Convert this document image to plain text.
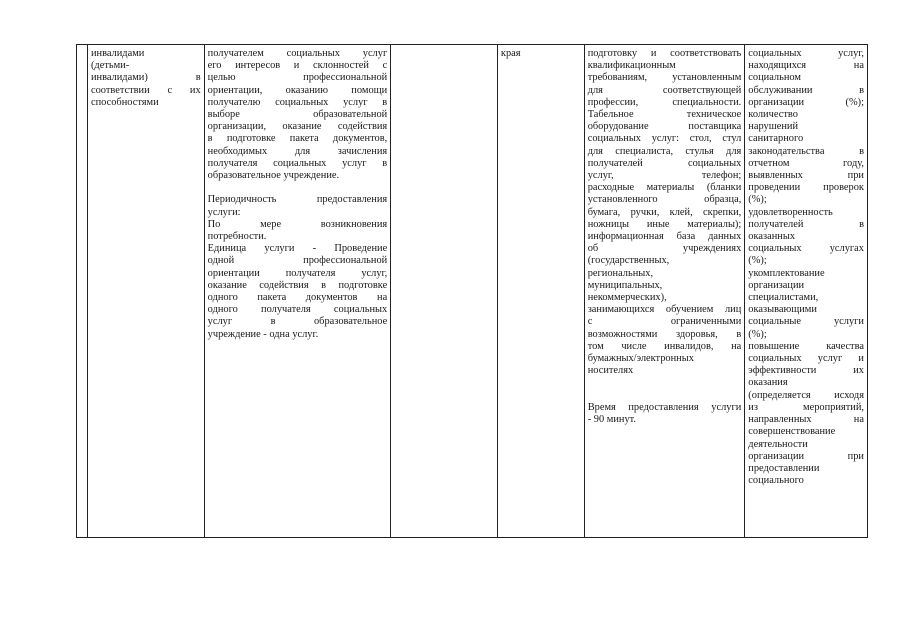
инвалидами
(детьми-
инвалидами)         в
соответствии с их
способностями
получателем социальных услуг
его интересов и склонностей с
целью        профессиональной
ориентации,  оказанию  помощи
получателю социальных услуг в
выборе          образовательной
организации, оказание содействия
в подготовке пакета документов,
необходимых  для  зачисления
получателя социальных услуг в
образовательное учреждение.
Периодичность  предоставления
услуги:
По    мере    возникновения
потребности.
Единица услуги - Проведение
одной        профессиональной
ориентации получателя услуг,
оказание содействия в подготовке
одного пакета документов на
одного получателя социальных
услуг    в    образовательное
учреждение - одна услуг.
края	подготовку и соответствовать
квалификационным
требованиям,  установленным
для         соответствующей
профессии, специальности.
Табельное         техническое
оборудование    поставщика
социальных услуг: стол, стул
для специалиста, стулья для
получателей        социальных
услуг, телефон;
расходные материалы (бланки
установленного       образца,
бумага, ручки, клей, скрепки,
ножницы иные материалы);
информационная база данных
об              учреждениях
(государственных,
региональных,
муниципальных,
некоммерческих),
занимающихся обучением лиц
с          ограниченными
возможностями здоровья, в
том  числе  инвалидов,  на
бумажных/электронных
носителях
Время предоставления услуги
- 90 минут.
социальных       услуг,
находящихся         на
социальном
обслуживании          в
организации (%);
количество
нарушений
санитарного
законодательства      в
отчетном          году,
выявленных         при
проведении проверок
(%);
удовлетворенность
получателей          в
оказанных
социальных  услугах
(%);
укомплектование
организации
специалистами,
оказывающими
социальные    услуги
(%);
повышение качества
социальных услуг и
эффективности      их
оказания
(определяется исходя
из        мероприятий,
направленных        на
совершенствование
деятельности
организации        при
предоставлении
социального
